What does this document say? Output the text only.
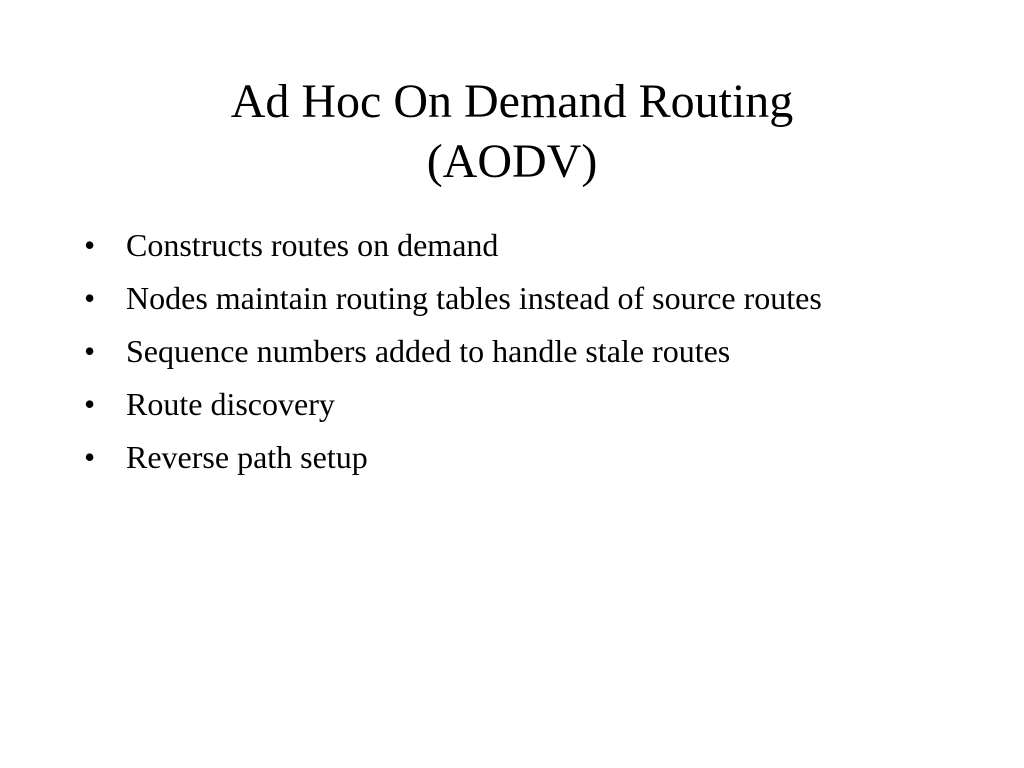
Ad Hoc On Demand Routing
(AODV)
• Constructs routes on demand
• Nodes maintain routing tables instead of source routes
• Sequence numbers added to handle stale routes
• Route discovery
• Reverse path setup
